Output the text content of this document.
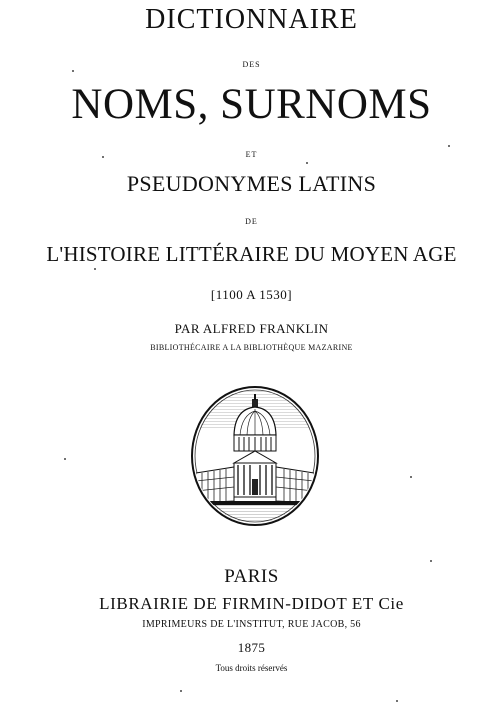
DICTIONNAIRE
DES
NOMS, SURNOMS
ET
PSEUDONYMES LATINS
DE
L'HISTOIRE LITTÉRAIRE DU MOYEN AGE
[1100 A 1530]
PAR ALFRED FRANKLIN
BIBLIOTHÉCAIRE A LA BIBLIOTHÈQUE MAZARINE
PARIS
LIBRAIRIE DE FIRMIN-DIDOT ET Cie
IMPRIMEURS DE L'INSTITUT, RUE JACOB, 56
1875
Tous droits réservés
